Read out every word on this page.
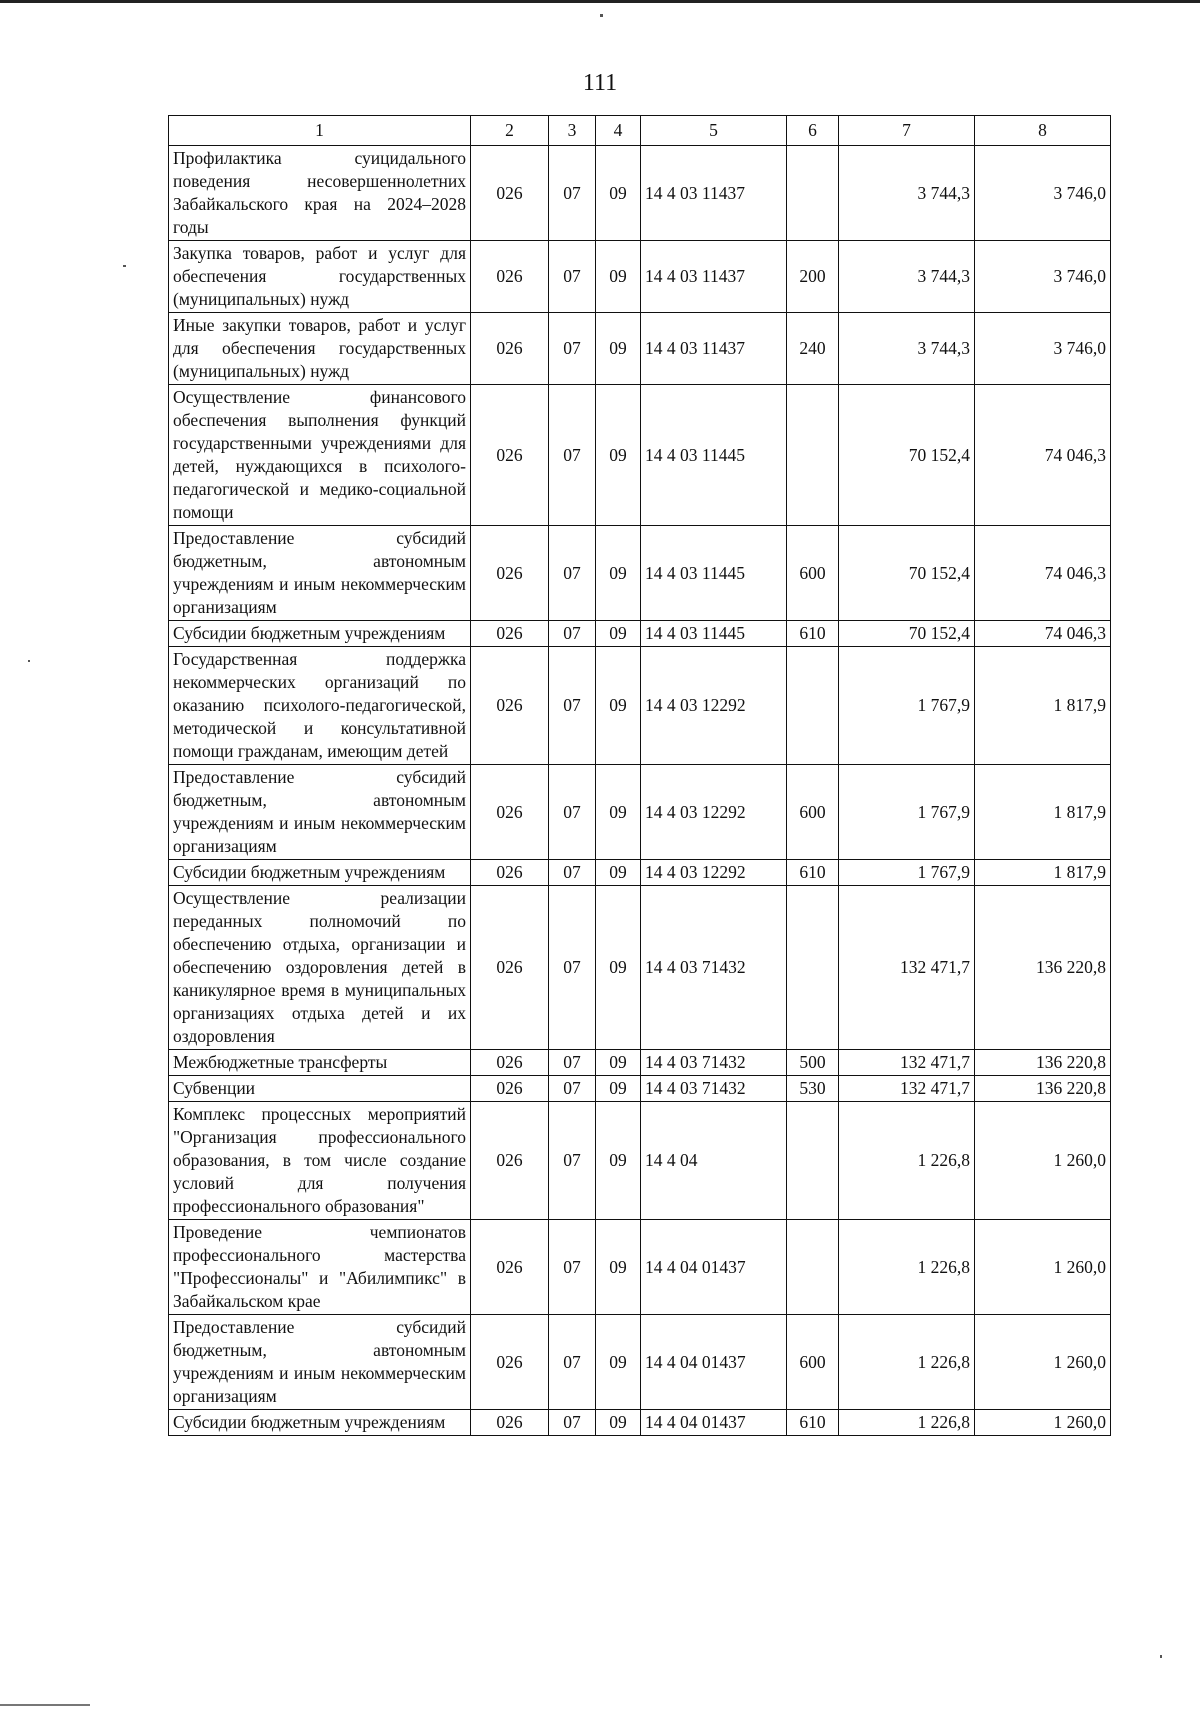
111
1	2	3	4	5	6	7	8
Профилактика суицидального поведения несовершеннолетних Забайкальского края на 2024–2028 годы	026	07	09	14 4 03 11437		3 744,3	3 746,0
Закупка товаров, работ и услуг для обеспечения государственных (муниципальных) нужд	026	07	09	14 4 03 11437	200	3 744,3	3 746,0
Иные закупки товаров, работ и услуг для обеспечения государственных (муниципальных) нужд	026	07	09	14 4 03 11437	240	3 744,3	3 746,0
Осуществление финансового обеспечения выполнения функций государственными учреждениями для детей, нуждающихся в психолого-педагогической и медико-социальной помощи	026	07	09	14 4 03 11445		70 152,4	74 046,3
Предоставление субсидий бюджетным, автономным учреждениям и иным некоммерческим организациям	026	07	09	14 4 03 11445	600	70 152,4	74 046,3
Субсидии бюджетным учреждениям	026	07	09	14 4 03 11445	610	70 152,4	74 046,3
Государственная поддержка некоммерческих организаций по оказанию психолого-педагогической, методической и консультативной помощи гражданам, имеющим детей	026	07	09	14 4 03 12292		1 767,9	1 817,9
Предоставление субсидий бюджетным, автономным учреждениям и иным некоммерческим организациям	026	07	09	14 4 03 12292	600	1 767,9	1 817,9
Субсидии бюджетным учреждениям	026	07	09	14 4 03 12292	610	1 767,9	1 817,9
Осуществление реализации переданных полномочий по обеспечению отдыха, организации и обеспечению оздоровления детей в каникулярное время в муниципальных организациях отдыха детей и их оздоровления	026	07	09	14 4 03 71432		132 471,7	136 220,8
Межбюджетные трансферты	026	07	09	14 4 03 71432	500	132 471,7	136 220,8
Субвенции	026	07	09	14 4 03 71432	530	132 471,7	136 220,8
Комплекс процессных мероприятий "Организация профессионального образования, в том числе создание условий для получения профессионального образования"	026	07	09	14 4 04		1 226,8	1 260,0
Проведение чемпионатов профессионального мастерства "Профессионалы" и "Абилимпикс" в Забайкальском крае	026	07	09	14 4 04 01437		1 226,8	1 260,0
Предоставление субсидий бюджетным, автономным учреждениям и иным некоммерческим организациям	026	07	09	14 4 04 01437	600	1 226,8	1 260,0
Субсидии бюджетным учреждениям	026	07	09	14 4 04 01437	610	1 226,8	1 260,0
